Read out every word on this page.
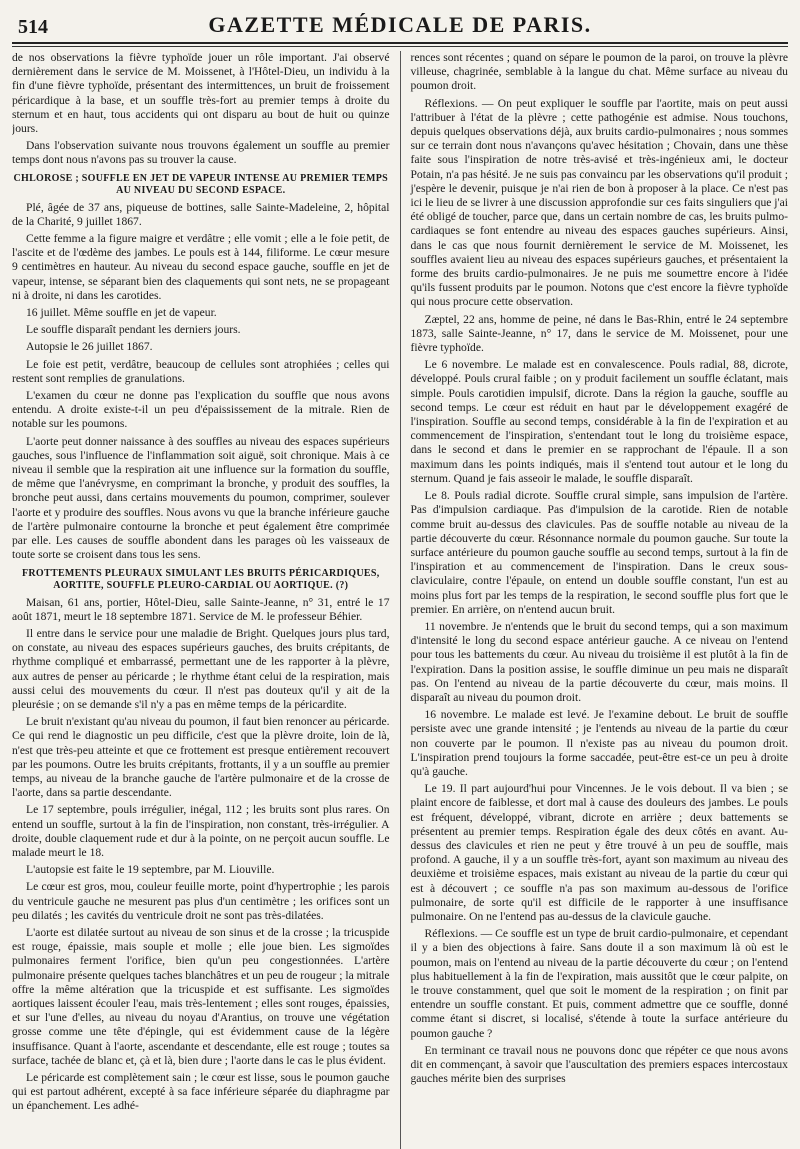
514	GAZETTE MÉDICALE DE PARIS.

de nos observations la fièvre typhoïde jouer un rôle important. J'ai observé dernièrement dans le service de M. Moissenet, à l'Hôtel-Dieu, un individu à la fin d'une fièvre typhoïde, présentant des intermittences, un bruit de froissement péricardique à la base, et un souffle très-fort au premier temps à droite du sternum et en haut, tous accidents qui ont disparu au bout de huit ou quinze jours.

Dans l'observation suivante nous trouvons également un souffle au premier temps dont nous n'avons pas su trouver la cause.

CHLOROSE ; SOUFFLE EN JET DE VAPEUR INTENSE AU PREMIER TEMPS AU NIVEAU DU SECOND ESPACE.

Plé, âgée de 37 ans, piqueuse de bottines, salle Sainte-Madeleine, 2, hôpital de la Charité, 9 juillet 1867.

Cette femme a la figure maigre et verdâtre ; elle vomit ; elle a le foie petit, de l'ascite et de l'œdème des jambes. Le pouls est à 144, filiforme. Le cœur mesure 9 centimètres en hauteur. Au niveau du second espace gauche, souffle en jet de vapeur, intense, se séparant bien des claquements qui sont nets, ne se propageant ni à droite, ni dans les carotides.

16 juillet. Même souffle en jet de vapeur.

Le souffle disparaît pendant les derniers jours.

Autopsie le 26 juillet 1867.

Le foie est petit, verdâtre, beaucoup de cellules sont atrophiées ; celles qui restent sont remplies de granulations.

L'examen du cœur ne donne pas l'explication du souffle que nous avons entendu. A droite existe-t-il un peu d'épaississement de la mitrale. Rien de notable sur les poumons.

L'aorte peut donner naissance à des souffles au niveau des espaces supérieurs gauches, sous l'influence de l'inflammation soit aiguë, soit chronique. Mais à ce niveau il semble que la respiration ait une influence sur la formation du souffle, de même que l'anévrysme, en comprimant la bronche, y produit des souffles, la bronche peut aussi, dans certains mouvements du poumon, comprimer, soulever l'aorte et y produire des souffles. Nous avons vu que la branche inférieure gauche de l'artère pulmonaire contourne la bronche et peut également être comprimée par elle. Les causes de souffle abondent dans les parages où les vaisseaux de toute sorte se croisent dans tous les sens.

FROTTEMENTS PLEURAUX SIMULANT LES BRUITS PÉRICARDIQUES, AORTITE, SOUFFLE PLEURO-CARDIAL OU AORTIQUE. (?)

Maisan, 61 ans, portier, Hôtel-Dieu, salle Sainte-Jeanne, n° 31, entré le 17 août 1871, meurt le 18 septembre 1871. Service de M. le professeur Béhier.

Il entre dans le service pour une maladie de Bright. Quelques jours plus tard, on constate, au niveau des espaces supérieurs gauches, des bruits crépitants, de rhythme compliqué et embarrassé, permettant une de les rapporter à la plèvre, aux autres de penser au péricarde ; le rhythme étant celui de la respiration, mais aussi celui des mouvements du cœur. Il n'est pas douteux qu'il y ait de la pleurésie ; on se demande s'il n'y a pas en même temps de la péricardite.

Le bruit n'existant qu'au niveau du poumon, il faut bien renoncer au péricarde. Ce qui rend le diagnostic un peu difficile, c'est que la plèvre droite, loin de là, n'est que très-peu atteinte et que ce frottement est presque entièrement recouvert par les poumons. Outre les bruits crépitants, frottants, il y a un souffle au premier temps, au niveau de la branche gauche de l'artère pulmonaire et de la crosse de l'aorte, dans sa partie descendante.

Le 17 septembre, pouls irrégulier, inégal, 112 ; les bruits sont plus rares. On entend un souffle, surtout à la fin de l'inspiration, non constant, très-irrégulier. A droite, double claquement rude et dur à la pointe, on ne perçoit aucun souffle. Le malade meurt le 18.

L'autopsie est faite le 19 septembre, par M. Liouville.

Le cœur est gros, mou, couleur feuille morte, point d'hypertrophie ; les parois du ventricule gauche ne mesurent pas plus d'un centimètre ; les orifices sont un peu dilatés ; les cavités du ventricule droit ne sont pas très-dilatées.

L'aorte est dilatée surtout au niveau de son sinus et de la crosse ; la tricuspide est rouge, épaissie, mais souple et molle ; elle joue bien. Les sigmoïdes pulmonaires ferment l'orifice, bien qu'un peu congestionnées. L'artère pulmonaire présente quelques taches blanchâtres et un peu de rougeur ; la mitrale offre la même altération que la tricuspide et est suffisante. Les sigmoïdes aortiques laissent écouler l'eau, mais très-lentement ; elles sont rouges, épaissies, et sur l'une d'elles, au niveau du noyau d'Arantius, on trouve une végétation grosse comme une tête d'épingle, qui est évidemment cause de la légère insuffisance. Quant à l'aorte, ascendante et descendante, elle est rouge ; toutes sa surface, tachée de blanc et, çà et là, bien dure ; l'aorte dans le cas le plus évident.

Le péricarde est complètement sain ; le cœur est lisse, sous le poumon gauche qui est partout adhérent, excepté à sa face inférieure séparée du diaphragme par un épanchement. Les adhé-

rences sont récentes ; quand on sépare le poumon de la paroi, on trouve la plèvre villeuse, chagrinée, semblable à la langue du chat. Même surface au niveau du poumon droit.

Réflexions. — On peut expliquer le souffle par l'aortite, mais on peut aussi l'attribuer à l'état de la plèvre ; cette pathogénie est admise. Nous touchons, depuis quelques observations déjà, aux bruits cardio-pulmonaires ; nous sommes sur ce terrain dont nous n'avançons qu'avec hésitation ; Chovain, dans une thèse faite sous l'inspiration de notre très-avisé et très-ingénieux ami, le docteur Potain, n'a pas hésité. Je ne suis pas convaincu par les observations qu'il produit ; j'espère le devenir, puisque je n'ai rien de bon à proposer à la place. Ce n'est pas ici le lieu de se livrer à une discussion approfondie sur ces faits singuliers que j'ai été obligé de toucher, parce que, dans un certain nombre de cas, les bruits pulmo-cardiaques se font entendre au niveau des espaces gauches supérieurs. Ainsi, dans le cas que nous fournit dernièrement le service de M. Moissenet, les souffles avaient lieu au niveau des espaces supérieurs gauches, et présentaient la forme des bruits cardio-pulmonaires. Je ne puis me soumettre encore à l'idée qu'ils fussent produits par le poumon. Notons que c'est encore la fièvre typhoïde qui nous procure cette observation.

Zæptel, 22 ans, homme de peine, né dans le Bas-Rhin, entré le 24 septembre 1873, salle Sainte-Jeanne, n° 17, dans le service de M. Moissenet, pour une fièvre typhoïde.

Le 6 novembre. Le malade est en convalescence. Pouls radial, 88, dicrote, développé. Pouls crural faible ; on y produit facilement un souffle éclatant, mais simple. Pouls carotidien impulsif, dicrote. Dans la région la gauche, souffle au second temps. Le cœur est réduit en haut par le développement exagéré de l'inspiration. Souffle au second temps, considérable à la fin de l'expiration et au commencement de l'inspiration, s'entendant tout le long du troisième espace, dans le second et dans le premier en se rapprochant de l'épaule. Il a son maximum dans les points indiqués, mais il s'entend tout autour et le long du sternum. Quand je fais asseoir le malade, le souffle disparaît.

Le 8. Pouls radial dicrote. Souffle crural simple, sans impulsion de l'artère. Pas d'impulsion cardiaque. Pas d'impulsion de la carotide. Rien de notable comme bruit au-dessus des clavicules. Pas de souffle notable au niveau de la partie découverte du cœur. Résonnance normale du poumon gauche. Sur toute la surface antérieure du poumon gauche souffle au second temps, surtout à la fin de l'inspiration et au commencement de l'inspiration. Dans le creux sous-claviculaire, contre l'épaule, on entend un double souffle constant, l'un est au moins plus fort par les temps de la respiration, le second souffle plus fort que le premier. En arrière, on n'entend aucun bruit.

11 novembre. Je n'entends que le bruit du second temps, qui a son maximum d'intensité le long du second espace antérieur gauche. A ce niveau on l'entend pour tous les battements du cœur. Au niveau du troisième il est plutôt à la fin de l'expiration. Dans la position assise, le souffle diminue un peu mais ne disparaît pas. On l'entend au niveau de la partie découverte du cœur, mais moins. Il disparaît au niveau du poumon droit.

16 novembre. Le malade est levé. Je l'examine debout. Le bruit de souffle persiste avec une grande intensité ; je l'entends au niveau de la partie du cœur non couverte par le poumon. Il n'existe pas au niveau du poumon droit. L'inspiration prend toujours la forme saccadée, peut-être est-ce un peu à droite qu'à gauche.

Le 19. Il part aujourd'hui pour Vincennes. Je le vois debout. Il va bien ; se plaint encore de faiblesse, et dort mal à cause des douleurs des jambes. Le pouls est fréquent, développé, vibrant, dicrote en arrière ; deux battements se présentent au premier temps. Respiration égale des deux côtés en avant. Au-dessus des clavicules et rien ne peut y être trouvé à un peu de souffle, mais profond. A gauche, il y a un souffle très-fort, ayant son maximum au niveau des deuxième et troisième espaces, mais existant au niveau de la partie du cœur qui est à découvert ; ce souffle n'a pas son maximum au-dessous de l'orifice pulmonaire, de sorte qu'il est difficile de le rapporter à une insuffisance pulmonaire. On ne l'entend pas au-dessus de la clavicule gauche.

Réflexions. — Ce souffle est un type de bruit cardio-pulmonaire, et cependant il y a bien des objections à faire. Sans doute il a son maximum là où est le poumon, mais on l'entend au niveau de la partie découverte du cœur ; on l'entend plus habituellement à la fin de l'expiration, mais aussitôt que le cœur palpite, on le trouve constamment, quel que soit le moment de la respiration ; on finit par entendre un souffle constant. Et puis, comment admettre que ce souffle, donné comme étant si discret, si localisé, s'étende à toute la surface antérieure du poumon gauche ?

En terminant ce travail nous ne pouvons donc que répéter ce que nous avons dit en commençant, à savoir que l'auscultation des premiers espaces intercostaux gauches mérite bien des surprises
